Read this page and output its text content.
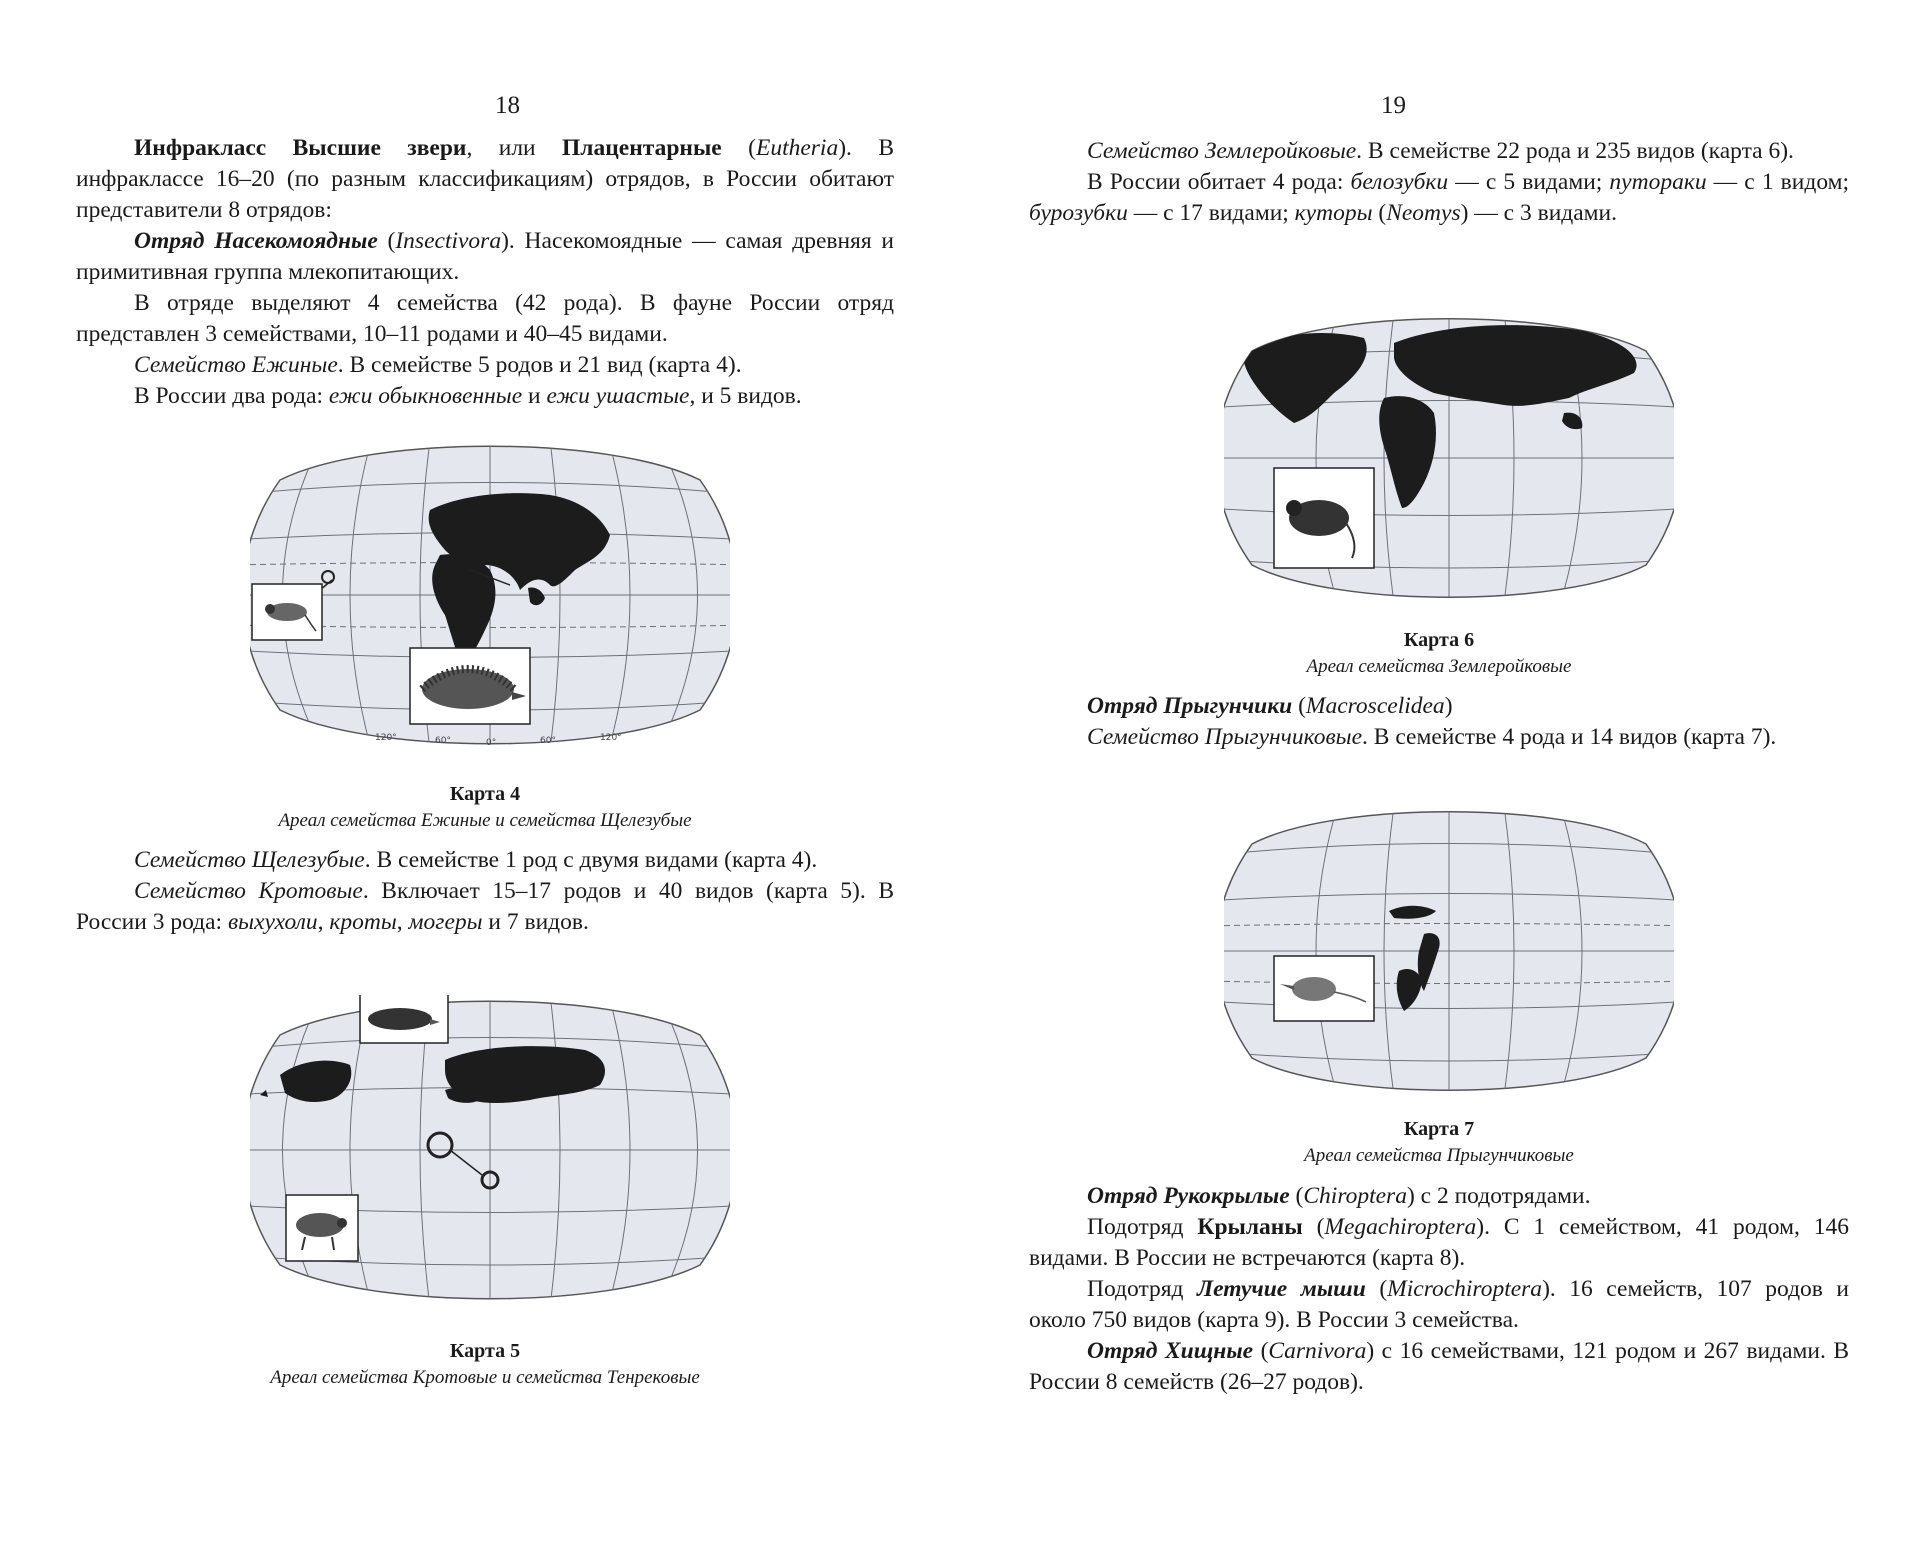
18

Инфракласс Высшие звери, или Плацентарные (Eutheria). В инфраклассе 16–20 (по разным классификациям) отрядов, в России обитают представители 8 отрядов:

Отряд Насекомоядные (Insectivora). Насекомоядные — самая древняя и примитивная группа млекопитающих.

В отряде выделяют 4 семейства (42 рода). В фауне России отряд представлен 3 семействами, 10–11 родами и 40–45 видами.

Семейство Ежиные. В семействе 5 родов и 21 вид (карта 4).

В России два рода: ежи обыкновенные и ежи ушастые, и 5 видов.

120°	60°	0°	60°	120°
Карта 4
Ареал семейства Ежиные и семейства Щелезубые

Семейство Щелезубые. В семействе 1 род с двумя видами (карта 4).

Семейство Кротовые. Включает 15–17 родов и 40 видов (карта 5). В России 3 рода: выхухоли, кроты, могеры и 7 видов.

Карта 5
Ареал семейства Кротовые и семейства Тенрековые
19

Семейство Землеройковые. В семействе 22 рода и 235 видов (карта 6).

В России обитает 4 рода: белозубки — с 5 видами; путораки — с 1 видом; бурозубки — с 17 видами; куторы (Neomys) — с 3 видами.

Карта 6
Ареал семейства Землеройковые

Отряд Прыгунчики (Macroscelidea)

Семейство Прыгунчиковые. В семействе 4 рода и 14 видов (карта 7).

Карта 7
Ареал семейства Прыгунчиковые

Отряд Рукокрылые (Chiroptera) с 2 подотрядами.

Подотряд Крыланы (Megachiroptera). С 1 семейством, 41 родом, 146 видами. В России не встречаются (карта 8).

Подотряд Летучие мыши (Microchiroptera). 16 семейств, 107 родов и около 750 видов (карта 9). В России 3 семейства.

Отряд Хищные (Carnivora) с 16 семействами, 121 родом и 267 видами. В России 8 семейств (26–27 родов).
